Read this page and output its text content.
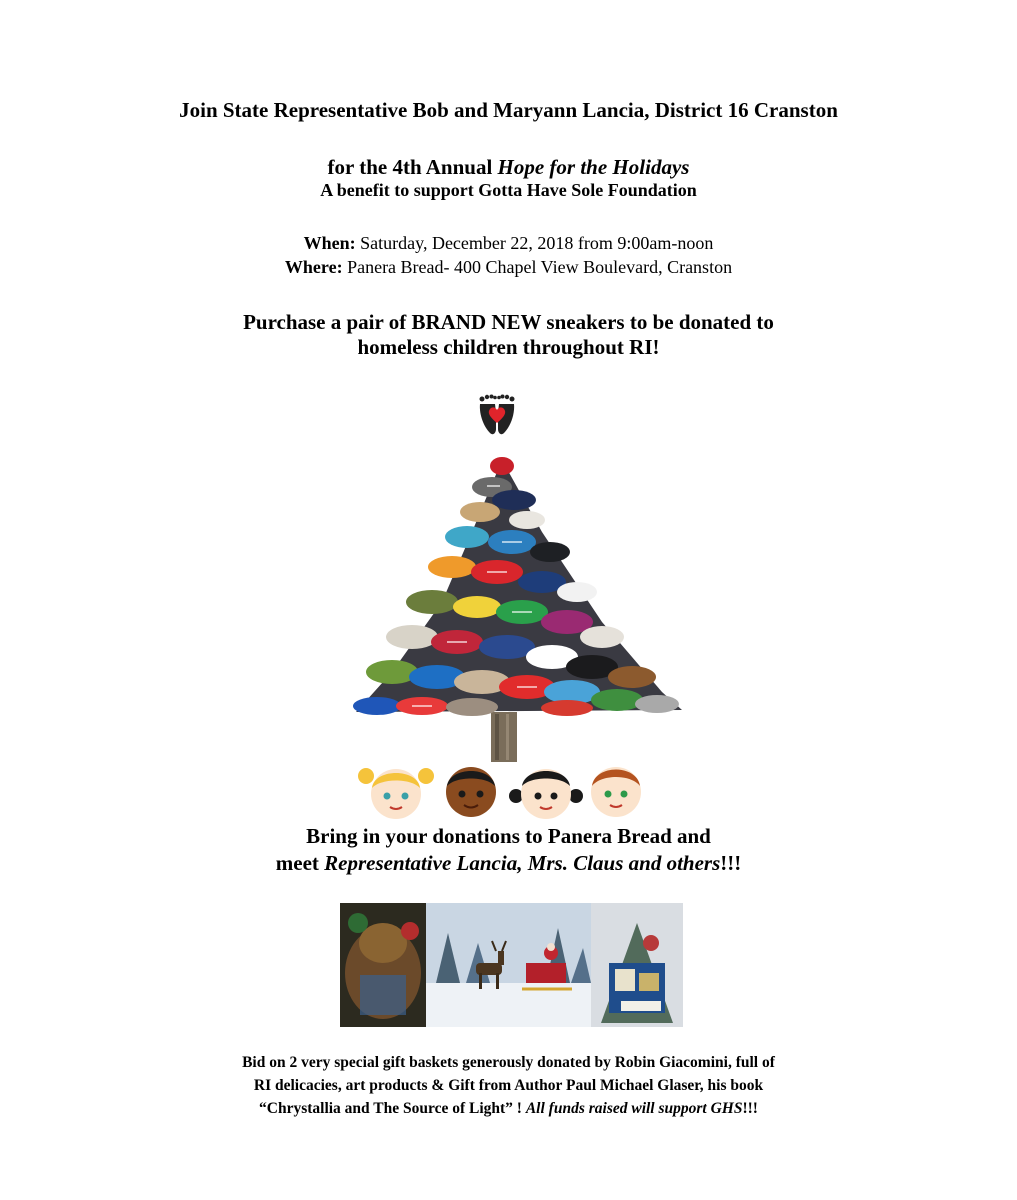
Join State Representative Bob and Maryann Lancia, District 16 Cranston
for the 4th Annual Hope for the Holidays
A benefit to support Gotta Have Sole Foundation
When: Saturday, December 22, 2018 from 9:00am-noon
Where: Panera Bread- 400 Chapel View Boulevard, Cranston
Purchase a pair of BRAND NEW sneakers to be donated to
homeless children throughout RI!
Bring in your donations to Panera Bread and
meet Representative Lancia, Mrs. Claus and others!!!
Bid on 2 very special gift baskets generously donated by Robin Giacomini, full of
RI delicacies, art products & Gift from Author Paul Michael Glaser, his book
“Chrystallia and The Source of Light” ! All funds raised will support GHS!!!
